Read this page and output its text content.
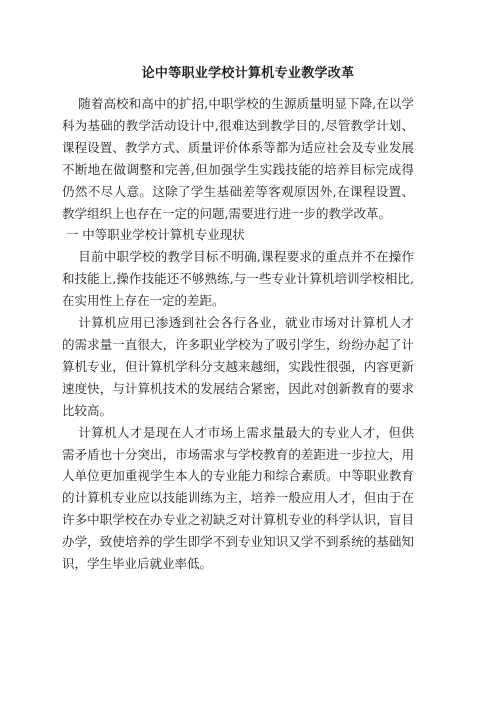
论中等职业学校计算机专业教学改革

随着高校和高中的扩招,中职学校的生源质量明显下降,在以学科为基础的教学活动设计中,很难达到教学目的,尽管教学计划、课程设置、教学方式、质量评价体系等都为适应社会及专业发展不断地在做调整和完善,但加强学生实践技能的培养目标完成得仍然不尽人意。这除了学生基础差等客观原因外,在课程设置、教学组织上也存在一定的问题,需要进行进一步的教学改革。

一 中等职业学校计算机专业现状

目前中职学校的教学目标不明确,课程要求的重点并不在操作和技能上,操作技能还不够熟练,与一些专业计算机培训学校相比,在实用性上存在一定的差距。

计算机应用已渗透到社会各行各业，就业市场对计算机人才的需求量一直很大，许多职业学校为了吸引学生，纷纷办起了计算机专业，但计算机学科分支越来越细，实践性很强，内容更新速度快，与计算机技术的发展结合紧密，因此对创新教育的要求比较高。

计算机人才是现在人才市场上需求量最大的专业人才，但供需矛盾也十分突出，市场需求与学校教育的差距进一步拉大，用人单位更加重视学生本人的专业能力和综合素质。中等职业教育的计算机专业应以技能训练为主，培养一般应用人才，但由于在许多中职学校在办专业之初缺乏对计算机专业的科学认识，盲目办学，致使培养的学生即学不到专业知识又学不到系统的基础知识，学生毕业后就业率低。
